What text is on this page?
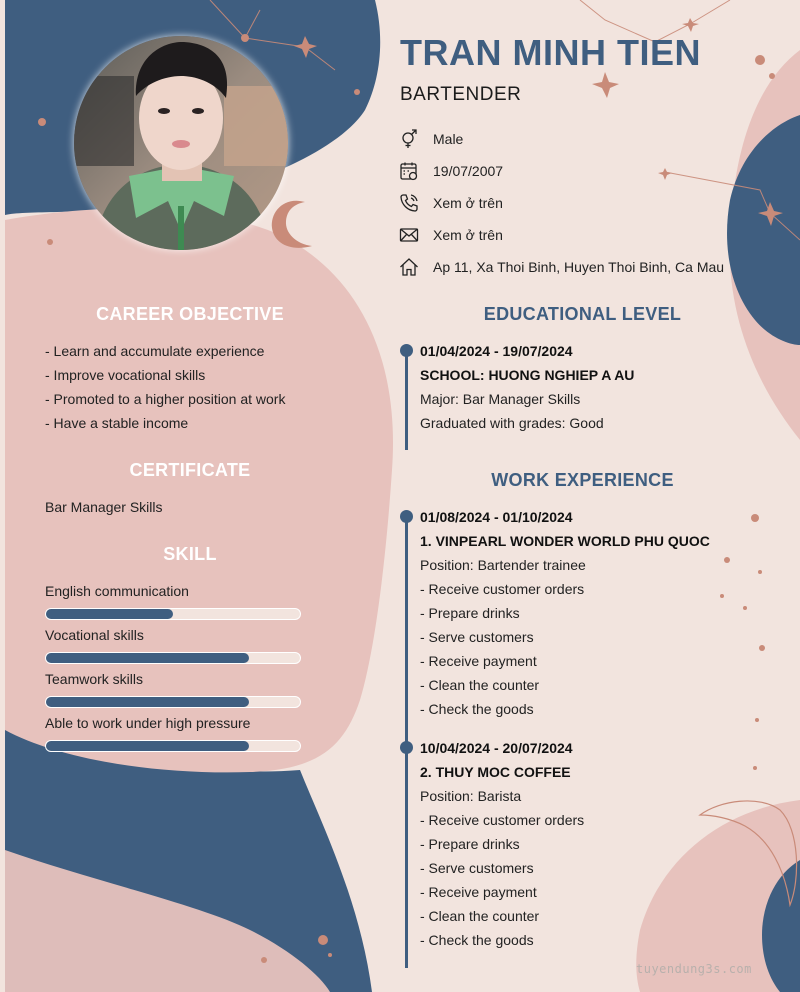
TRAN MINH TIEN
BARTENDER
Male
19/07/2007
Xem ở trên
Xem ở trên
Ap 11, Xa Thoi Binh, Huyen Thoi Binh, Ca Mau
CAREER OBJECTIVE
- Learn and accumulate experience
- Improve vocational skills
- Promoted to a higher position at work
- Have a stable income
CERTIFICATE
Bar Manager Skills
SKILL
English communication
Vocational skills
Teamwork skills
Able to work under high pressure
EDUCATIONAL LEVEL
01/04/2024 - 19/07/2024
SCHOOL: HUONG NGHIEP A AU
Major: Bar Manager Skills
Graduated with grades: Good
WORK EXPERIENCE
01/08/2024 - 01/10/2024
1. VINPEARL WONDER WORLD PHU QUOC
Position: Bartender trainee
- Receive customer orders
- Prepare drinks
- Serve customers
- Receive payment
- Clean the counter
- Check the goods
10/04/2024 - 20/07/2024
2. THUY MOC COFFEE
Position: Barista
- Receive customer orders
- Prepare drinks
- Serve customers
- Receive payment
- Clean the counter
- Check the goods
tuyendung3s.com
